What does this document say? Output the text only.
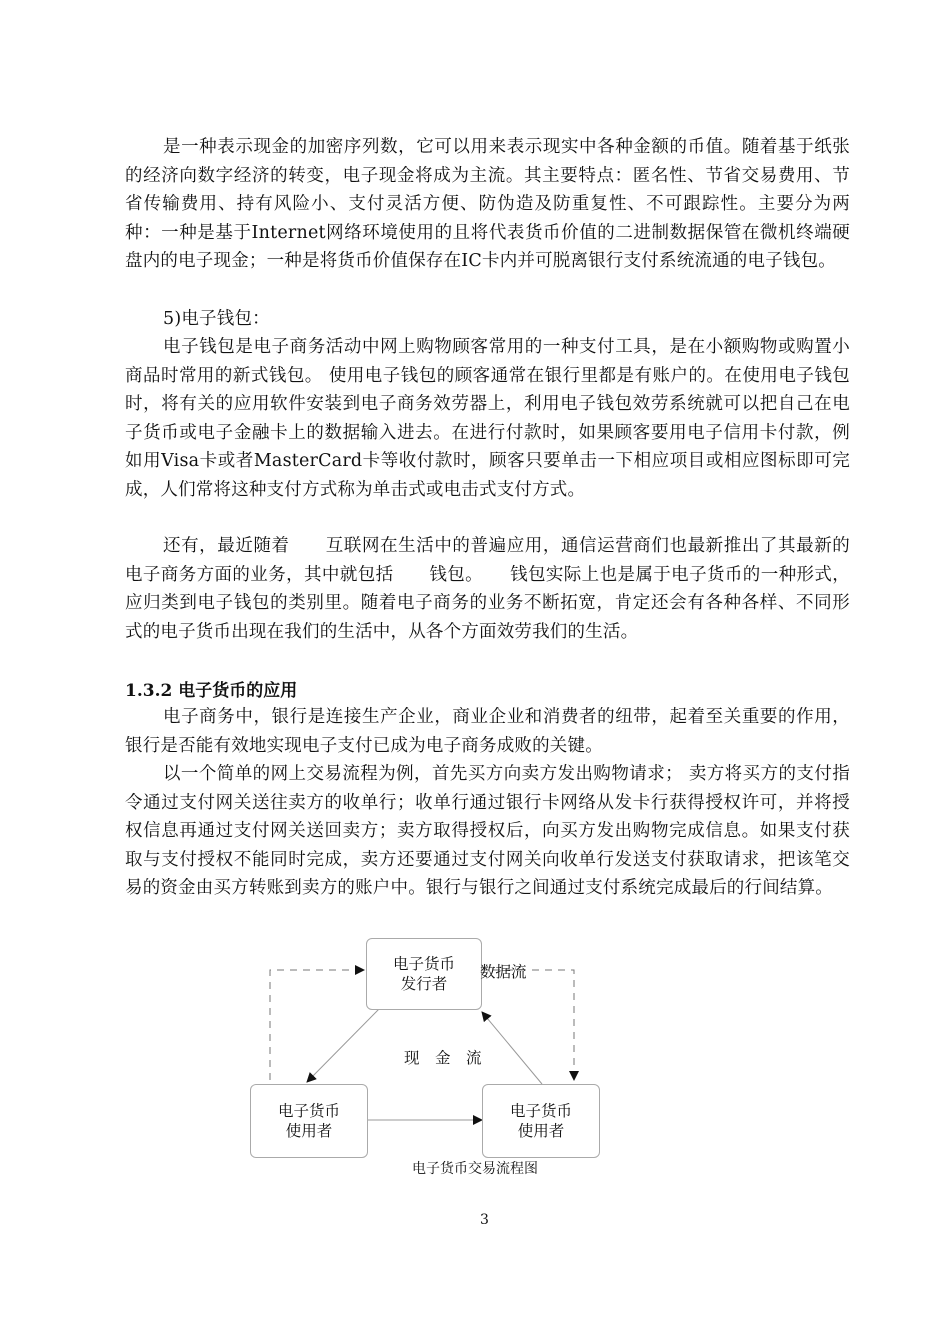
是一种表示现金的加密序列数，它可以用来表示现实中各种金额的币值。随着基于纸张的经济向数字经济的转变，电子现金将成为主流。其主要特点：匿名性、节省交易费用、节省传输费用、持有风险小、支付灵活方便、防伪造及防重复性、不可跟踪性。主要分为两种：一种是基于Internet网络环境使用的且将代表货币价值的二进制数据保管在微机终端硬盘内的电子现金；一种是将货币价值保存在IC卡内并可脱离银行支付系统流通的电子钱包。

5)电子钱包：

电子钱包是电子商务活动中网上购物顾客常用的一种支付工具，是在小额购物或购置小商品时常用的新式钱包。 使用电子钱包的顾客通常在银行里都是有账户的。在使用电子钱包时，将有关的应用软件安装到电子商务效劳器上，利用电子钱包效劳系统就可以把自己在电子货币或电子金融卡上的数据输入进去。在进行付款时，如果顾客要用电子信用卡付款，例如用Visa卡或者MasterCard卡等收付款时，顾客只要单击一下相应项目或相应图标即可完成，人们常将这种支付方式称为单击式或电击式支付方式。

还有，最近随着　　互联网在生活中的普遍应用，通信运营商们也最新推出了其最新的电子商务方面的业务，其中就包括　　钱包。　　钱包实际上也是属于电子货币的一种形式，应归类到电子钱包的类别里。随着电子商务的业务不断拓宽，肯定还会有各种各样、不同形式的电子货币出现在我们的生活中，从各个方面效劳我们的生活。

1.3.2 电子货币的应用

电子商务中，银行是连接生产企业，商业企业和消费者的纽带，起着至关重要的作用，银行是否能有效地实现电子支付已成为电子商务成败的关键。

以一个简单的网上交易流程为例，首先买方向卖方发出购物请求； 卖方将买方的支付指令通过支付网关送往卖方的收单行；收单行通过银行卡网络从发卡行获得授权许可，并将授权信息再通过支付网关送回卖方；卖方取得授权后，向买方发出购物完成信息。如果支付获取与支付授权不能同时完成，卖方还要通过支付网关向收单行发送支付获取请求，把该笔交易的资金由买方转账到卖方的账户中。银行与银行之间通过支付系统完成最后的行间结算。

电子货币
发行者
电子货币
使用者
电子货币
使用者
数据流
现　金　流
电子货币交易流程图
3
